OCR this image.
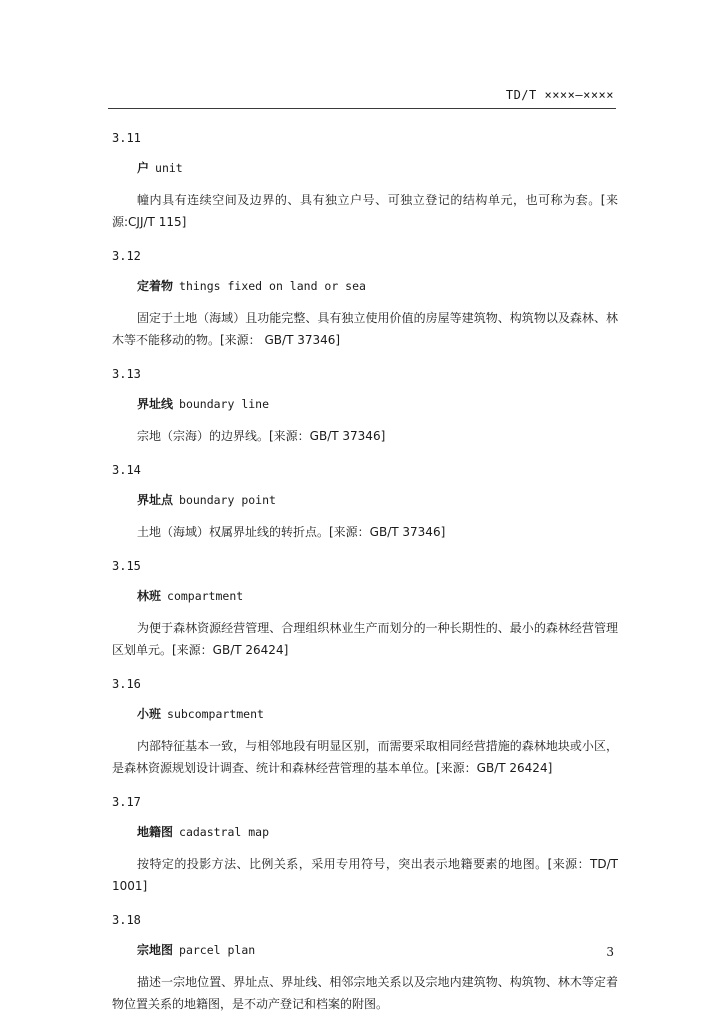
TD/T ××××—××××
3.11
户 unit
幢内具有连续空间及边界的、具有独立户号、可独立登记的结构单元，也可称为套。[来源:CJJ/T 115]
3.12
定着物 things fixed on land or sea
固定于土地（海域）且功能完整、具有独立使用价值的房屋等建筑物、构筑物以及森林、林木等不能移动的物。[来源： GB/T 37346]
3.13
界址线 boundary line
宗地（宗海）的边界线。[来源：GB/T 37346]
3.14
界址点 boundary point
土地（海域）权属界址线的转折点。[来源：GB/T 37346]
3.15
林班 compartment
为便于森林资源经营管理、合理组织林业生产而划分的一种长期性的、最小的森林经营管理区划单元。[来源：GB/T 26424]
3.16
小班 subcompartment
内部特征基本一致，与相邻地段有明显区别，而需要采取相同经营措施的森林地块或小区，是森林资源规划设计调查、统计和森林经营管理的基本单位。[来源：GB/T 26424]
3.17
地籍图 cadastral map
按特定的投影方法、比例关系，采用专用符号，突出表示地籍要素的地图。[来源：TD/T 1001]
3.18
宗地图 parcel plan
描述一宗地位置、界址点、界址线、相邻宗地关系以及宗地内建筑物、构筑物、林木等定着物位置关系的地籍图，是不动产登记和档案的附图。
3
